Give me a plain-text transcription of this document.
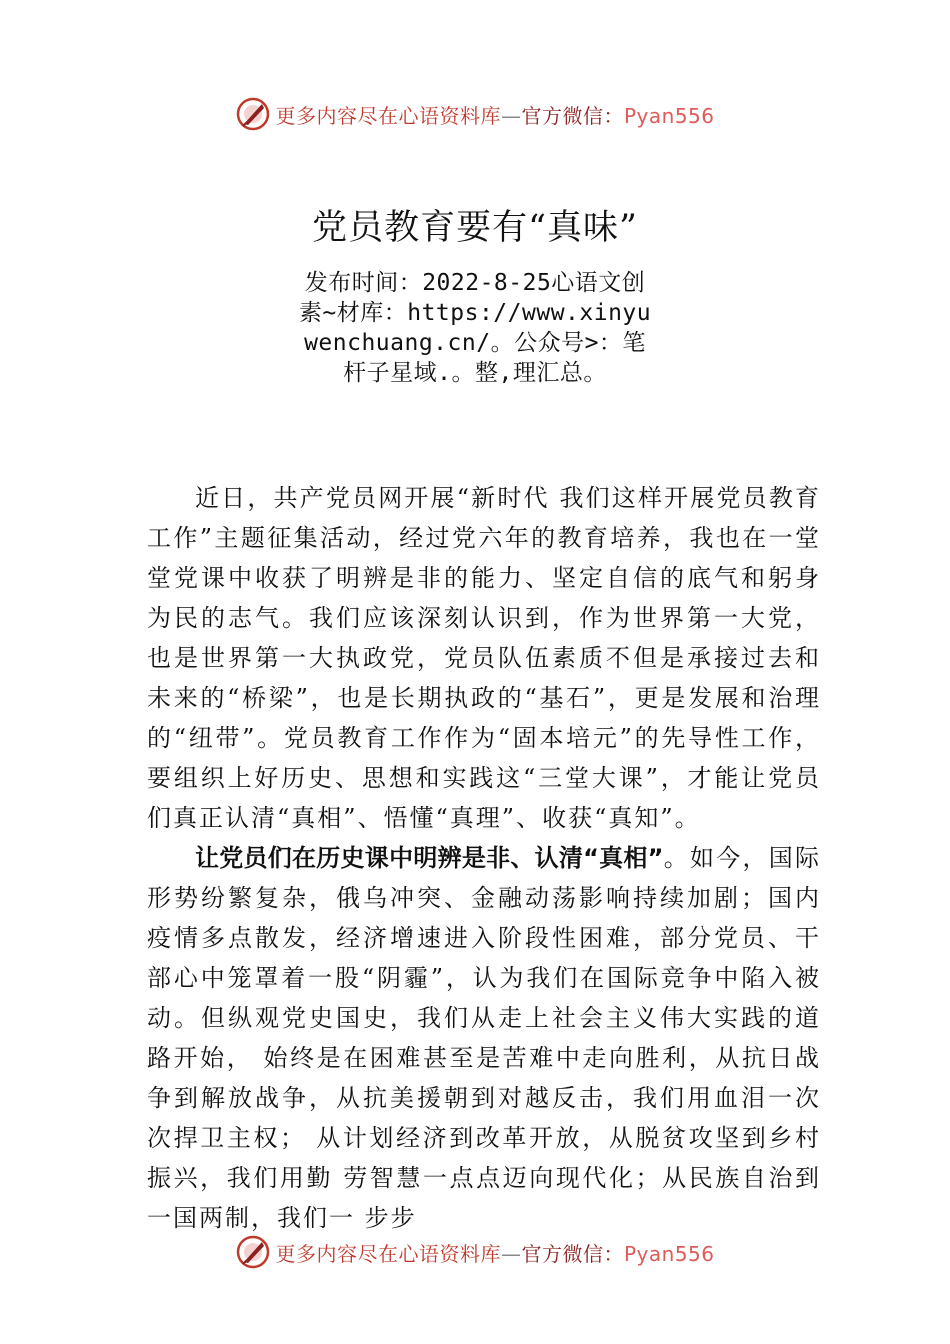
更多内容尽在心语资料库—官方微信：Pyan556
党员教育要有“真味”
发布时间：2022-8-25心语文创素~材库：https://www.xinyuwenchuang.cn/。公众号>：笔杆子星域.。整,理汇总。

近日，共产党员网开展“新时代 我们这样开展党员教育工作”主题征集活动，经过党六年的教育培养，我也在一堂堂党课中收获了明辨是非的能力、坚定自信的底气和躬身为民的志气。我们应该深刻认识到，作为世界第一大党，也是世界第一大执政党，党员队伍素质不但是承接过去和未来的“桥梁”，也是长期执政的“基石”，更是发展和治理的“纽带”。党员教育工作作为“固本培元”的先导性工作，要组织上好历史、思想和实践这“三堂大课”，才能让党员们真正认清“真相”、悟懂“真理”、收获“真知”。

让党员们在历史课中明辨是非、认清“真相”。如今，国际形势纷繁复杂，俄乌冲突、金融动荡影响持续加剧；国内疫情多点散发，经济增速进入阶段性困难，部分党员、干部心中笼罩着一股“阴霾”，认为我们在国际竞争中陷入被动。但纵观党史国史，我们从走上社会主义伟大实践的道路开始， 始终是在困难甚至是苦难中走向胜利，从抗日战争到解放战争，从抗美援朝到对越反击，我们用血泪一次次捍卫主权； 从计划经济到改革开放，从脱贫攻坚到乡村振兴，我们用勤 劳智慧一点点迈向现代化；从民族自治到一国两制，我们一 步步

更多内容尽在心语资料库—官方微信：Pyan556
